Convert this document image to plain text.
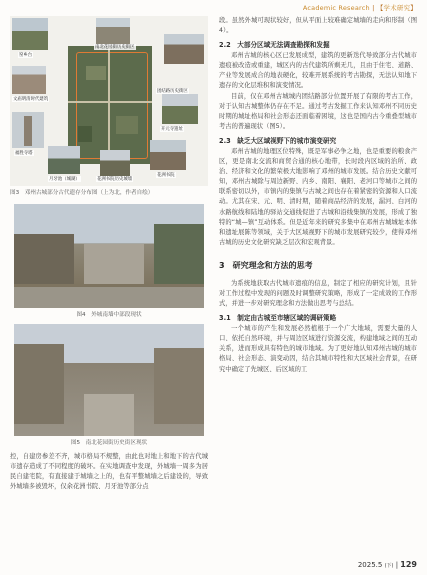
Academic Research | 【学术研究】
窑乡台
南北花园街历史街区
团结路历史街区
文庙明清时代建筑
开元寺遗址
福胜寺塔
月牙池（城湖）
花洲书院
花洲书院历史城墙

图3　邓州古城部分古代遗存分布图（上为北，作者自绘）

图4　外城南墙中部段现状

图5　南北花园街历史街区现状

控，自建房参差不齐，城市格局不规整，由此也对地上和地下的古代城市遗存造成了不同程度的破坏。在实地调查中发现，外城墙一周多为居民自建宅院，有直接建于城墙之上的，也有平整城墙之后建设的，导致外城墙多被毁坏，仅余花洲书院、月牙池等部分点

段。虽然外城可现状较好，但从平面上较难确定城墙的走向和形制（图4）。

2.2　大部分区域无法调查勘探和发掘

邓州古城的核心区已发展成型，建筑的更新迭代导致部分古代城市遗痕被改造或重建，城区内的古代建筑所剩无几，且由于住宅、道路、产业等发展成合的地表硬化，较难开展系统的考古勘探，无法认知地下遗存的文化层堆积和演变情况。

目前，仅在邓州古城城内团结路部分位置开展了有限的考古工作，对于认知古城整体仍存在不足。通过考古发掘工作来认知邓州不同历史时期的城址格局和社会形态还面临着困境，这也是国内古今重叠型城市考古的普遍现状（图5）。

2.3　缺乏大区域视野下的城市演变研究

邓州古城的地理区位特殊，既是军事必争之地，也是重要的粮食产区，更是南北交流和商贸合通的核心地带，长时段内区域的治所、政治、经济和文化的繁荣极大地影响了邓州的城市发展。结合历史文献可知，邓州古城除与周边新野、内乡、南阳、襄阳、老河口等城市之间的联系密切以外，市镇内的集镇与古城之间也存在着紧密的资源和人口流动。尤其在宋、元、明、清时期，随着商品经济的发展，漏河、白河的水路航线和陆地的驿站交通线促进了古城和沿线集镇的发展，形成了独特的“城—镇”互动体系。但是近年来的研究多集中在邓州古城城址本体和遗址展陈等领域，关于大区域视野下的城市发展研究较少，使得邓州古城的历史文化研究缺乏层次和宏观背景。

3　研究理念和方法的思考

为系统地获取古代城市遗痕的信息，制定了相应的研究计划，且针对工作过程中发现的问题及时调整研究策略，形成了一定成效的工作形式，并进一步对研究理念和方法做出思考与总结。

3.1　制定由古城至市辖区域的调研策略

一个城市的产生和发展必然植根于一个广大地域，需要大量的人口、依托自然环境，并与周边区域进行资源交流，构建地域之间的互动关系，进而形成具有特色的城市地域。为了更好地认知邓州古城的城市格局、社会形态、演变动因，结合其城市特性和大区域社会背景，在研究中确定了先城区、后区域的工

2025.5 (下) | 129
